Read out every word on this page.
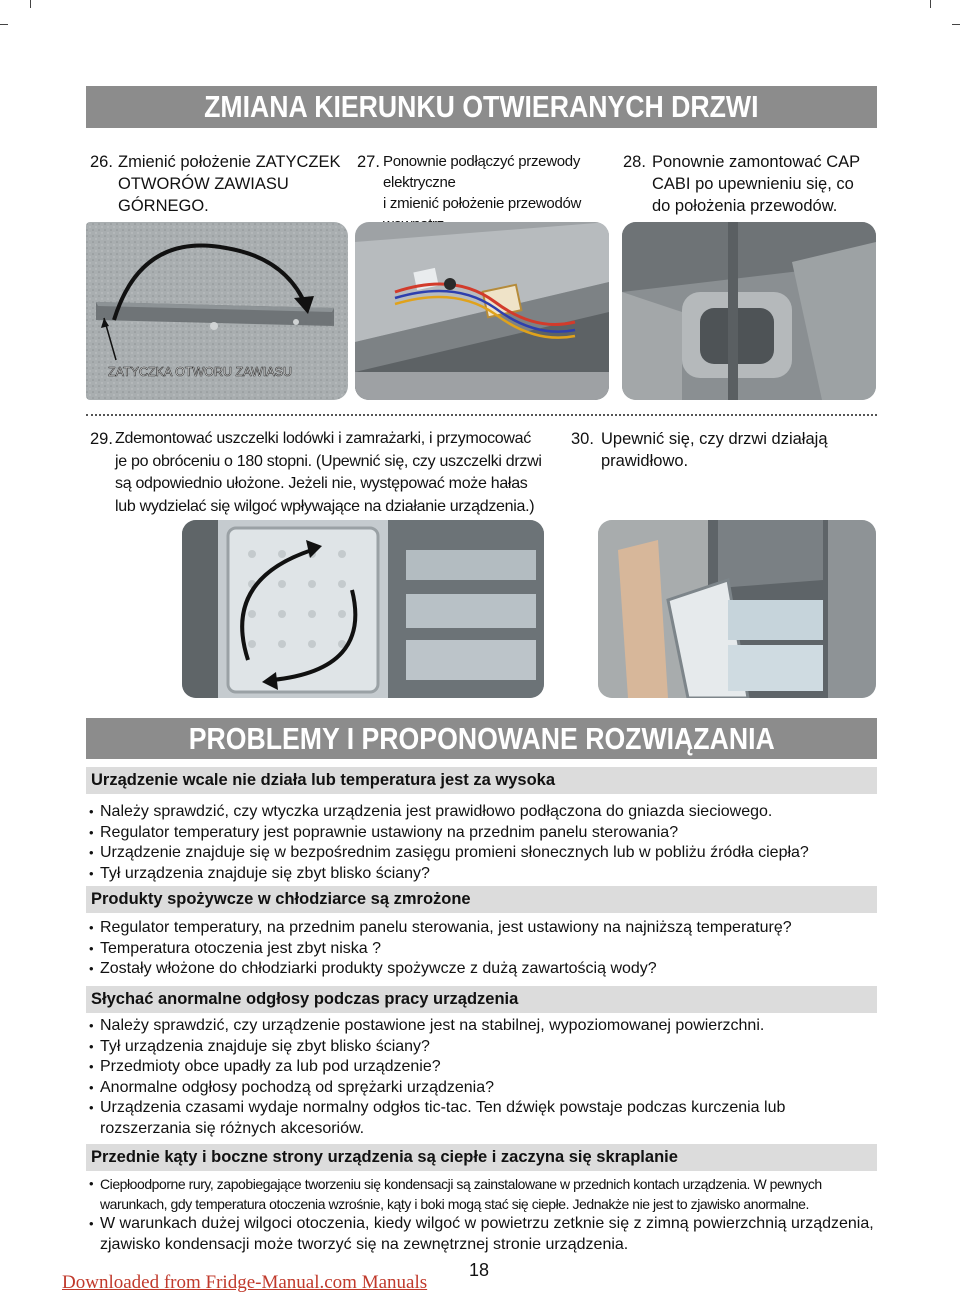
ZMIANA KIERUNKU OTWIERANYCH DRZWI
26. Zmienić położenie ZATYCZEK
OTWORÓW ZAWIASU
GÓRNEGO.
27. Ponownie podłączyć przewody elektryczne
i zmienić położenie przewodów
28. Ponownie zamontować CAP
CABI po upewnieniu się, co
do położenia przewodów.
ZATYCZKA OTWORU ZAWIASU
29. Zdemontować uszczelki lodówki i zamrażarki, i przymocować
je po obróceniu o 180 stopni. (Upewnić się, czy uszczelki drzwi
są odpowiednio ułożone. Jeżeli nie, występować może hałas
lub wydzielać się wilgoć wpływające na działanie urządzenia.)
30. Upewnić się, czy drzwi działają
prawidłowo.
PROBLEMY I PROPONOWANE ROZWIĄZANIA
Urządzenie wcale nie działa lub temperatura jest za wysoka
• Należy sprawdzić, czy wtyczka urządzenia jest prawidłowo podłączona do gniazda sieciowego.
• Regulator temperatury jest poprawnie ustawiony na przednim panelu sterowania?
• Urządzenie znajduje się w bezpośrednim zasięgu promieni słonecznych lub w pobliżu źródła ciepła?
• Tył urządzenia znajduje się zbyt blisko ściany?
Produkty spożywcze w chłodziarce są zmrożone
• Regulator temperatury, na przednim panelu sterowania, jest ustawiony na najniższą temperaturę?
• Temperatura otoczenia jest zbyt niska ?
• Zostały włożone do chłodziarki produkty spożywcze z dużą zawartością wody?
Słychać anormalne odgłosy podczas pracy urządzenia
• Należy sprawdzić, czy urządzenie postawione jest na stabilnej, wypoziomowanej powierzchni.
• Tył urządzenia znajduje się zbyt blisko ściany?
• Przedmioty obce upadły za lub pod urządzenie?
• Anormalne odgłosy pochodzą od sprężarki urządzenia?
• Urządzenia czasami wydaje normalny odgłos tic-tac. Ten dźwięk powstaje podczas kurczenia lub rozszerzania się różnych akcesoriów.
Przednie kąty i boczne strony urządzenia są ciepłe i zaczyna się skraplanie
• Ciepłoodporne rury, zapobiegające tworzeniu się kondensacji są zainstalowane w przednich kontach urządzenia. W pewnych warunkach, gdy temperatura otoczenia wzrośnie, kąty i boki mogą stać się ciepłe. Jednakże nie jest to zjawisko anormalne.
• W warunkach dużej wilgoci otoczenia, kiedy wilgoć w powietrzu zetknie się z zimną powierzchnią urządzenia, zjawisko kondensacji może tworzyć się na zewnętrznej stronie urządzenia.
Downloaded from Fridge-Manual.com Manuals
18
